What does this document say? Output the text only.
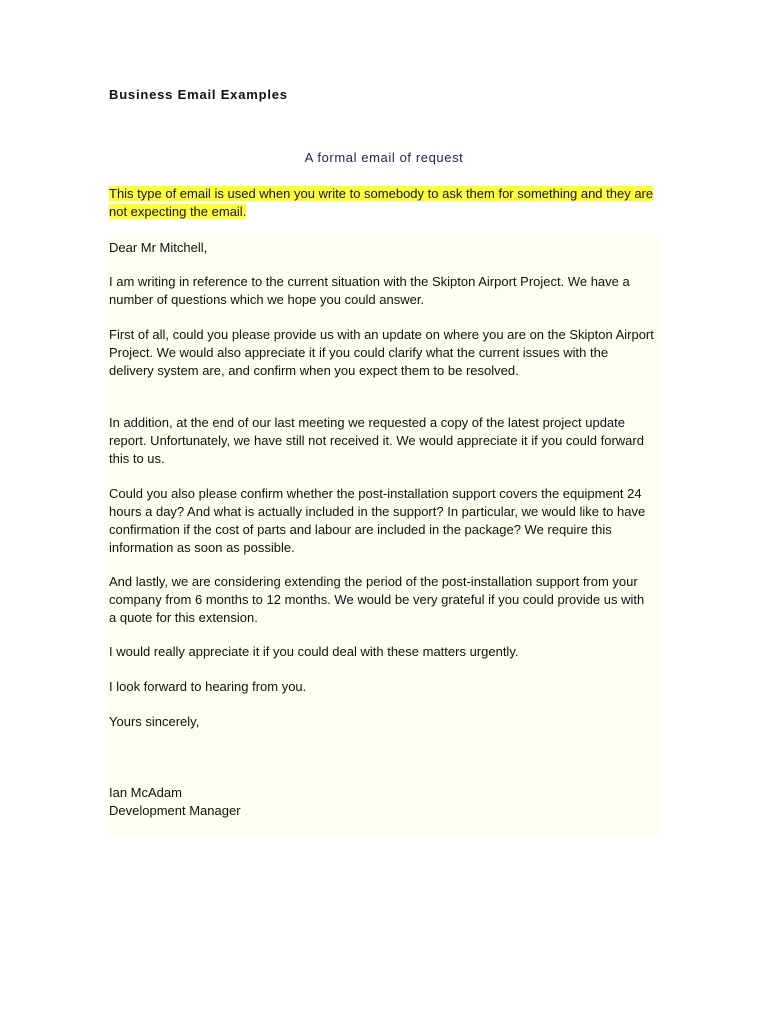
Business Email Examples
A formal email of request
This type of email is used when you write to somebody to ask them for something and they are not expecting the email.

Dear Mr Mitchell,

I am writing in reference to the current situation with the Skipton Airport Project. We have a number of questions which we hope you could answer.

First of all, could you please provide us with an update on where you are on the Skipton Airport Project. We would also appreciate it if you could clarify what the current issues with the delivery system are, and confirm when you expect them to be resolved.

In addition, at the end of our last meeting we requested a copy of the latest project update report. Unfortunately, we have still not received it. We would appreciate it if you could forward this to us.

Could you also please confirm whether the post-installation support covers the equipment 24 hours a day? And what is actually included in the support? In particular, we would like to have confirmation if the cost of parts and labour are included in the package? We require this information as soon as possible.

And lastly, we are considering extending the period of the post-installation support from your company from 6 months to 12 months. We would be very grateful if you could provide us with a quote for this extension.

I would really appreciate it if you could deal with these matters urgently.

I look forward to hearing from you.

Yours sincerely,

Ian McAdam

Development Manager
